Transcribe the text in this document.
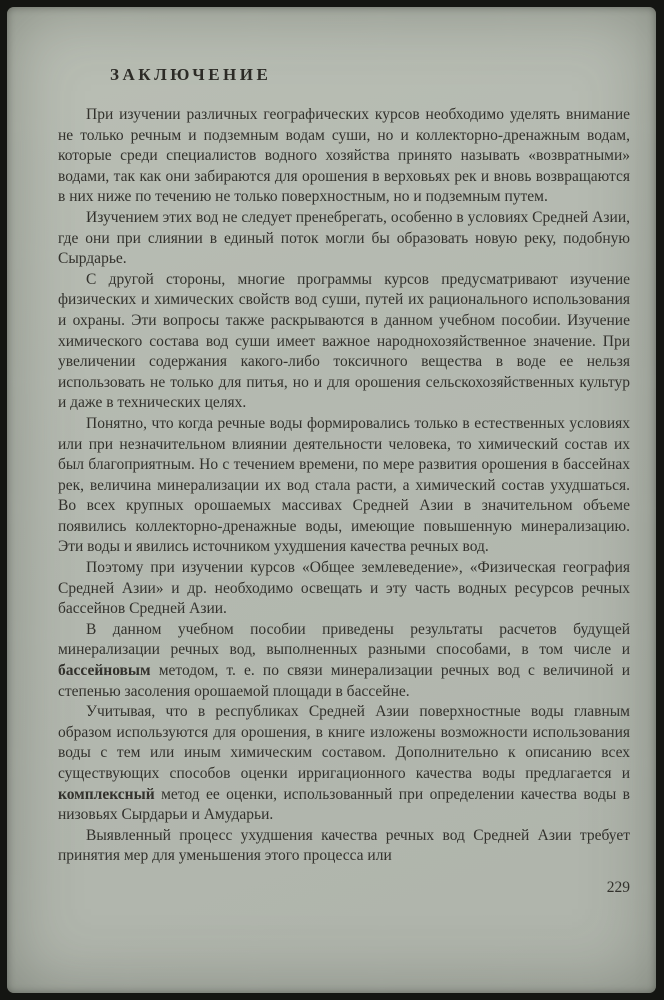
ЗАКЛЮЧЕНИЕ

При изучении различных географических курсов необходимо уделять внимание не только речным и подземным водам суши, но и коллекторно-дренажным водам, которые среди специалистов водного хозяйства принято называть «возвратными» водами, так как они забираются для орошения в верховьях рек и вновь возвращаются в них ниже по течению не только поверхностным, но и подземным путем.

Изучением этих вод не следует пренебрегать, особенно в условиях Средней Азии, где они при слиянии в единый поток могли бы образовать новую реку, подобную Сырдарье.

С другой стороны, многие программы курсов предусматривают изучение физических и химических свойств вод суши, путей их рационального использования и охраны. Эти вопросы также раскрываются в данном учебном пособии. Изучение химического состава вод суши имеет важное народнохозяйственное значение. При увеличении содержания какого-либо токсичного вещества в воде ее нельзя использовать не только для питья, но и для орошения сельскохозяйственных культур и даже в технических целях.

Понятно, что когда речные воды формировались только в естественных условиях или при незначительном влиянии деятельности человека, то химический состав их был благоприятным. Но с течением времени, по мере развития орошения в бассейнах рек, величина минерализации их вод стала расти, а химический состав ухудшаться. Во всех крупных орошаемых массивах Средней Азии в значительном объеме появились коллекторно-дренажные воды, имеющие повышенную минерализацию. Эти воды и явились источником ухудшения качества речных вод.

Поэтому при изучении курсов «Общее землеведение», «Физическая география Средней Азии» и др. необходимо освещать и эту часть водных ресурсов речных бассейнов Средней Азии.

В данном учебном пособии приведены результаты расчетов будущей минерализации речных вод, выполненных разными способами, в том числе и бассейновым методом, т. е. по связи минерализации речных вод с величиной и степенью засоления орошаемой площади в бассейне.

Учитывая, что в республиках Средней Азии поверхностные воды главным образом используются для орошения, в книге изложены возможности использования воды с тем или иным химическим составом. Дополнительно к описанию всех существующих способов оценки ирригационного качества воды предлагается и комплексный метод ее оценки, использованный при определении качества воды в низовьях Сырдарьи и Амударьи.

Выявленный процесс ухудшения качества речных вод Средней Азии требует принятия мер для уменьшения этого процесса или

229
